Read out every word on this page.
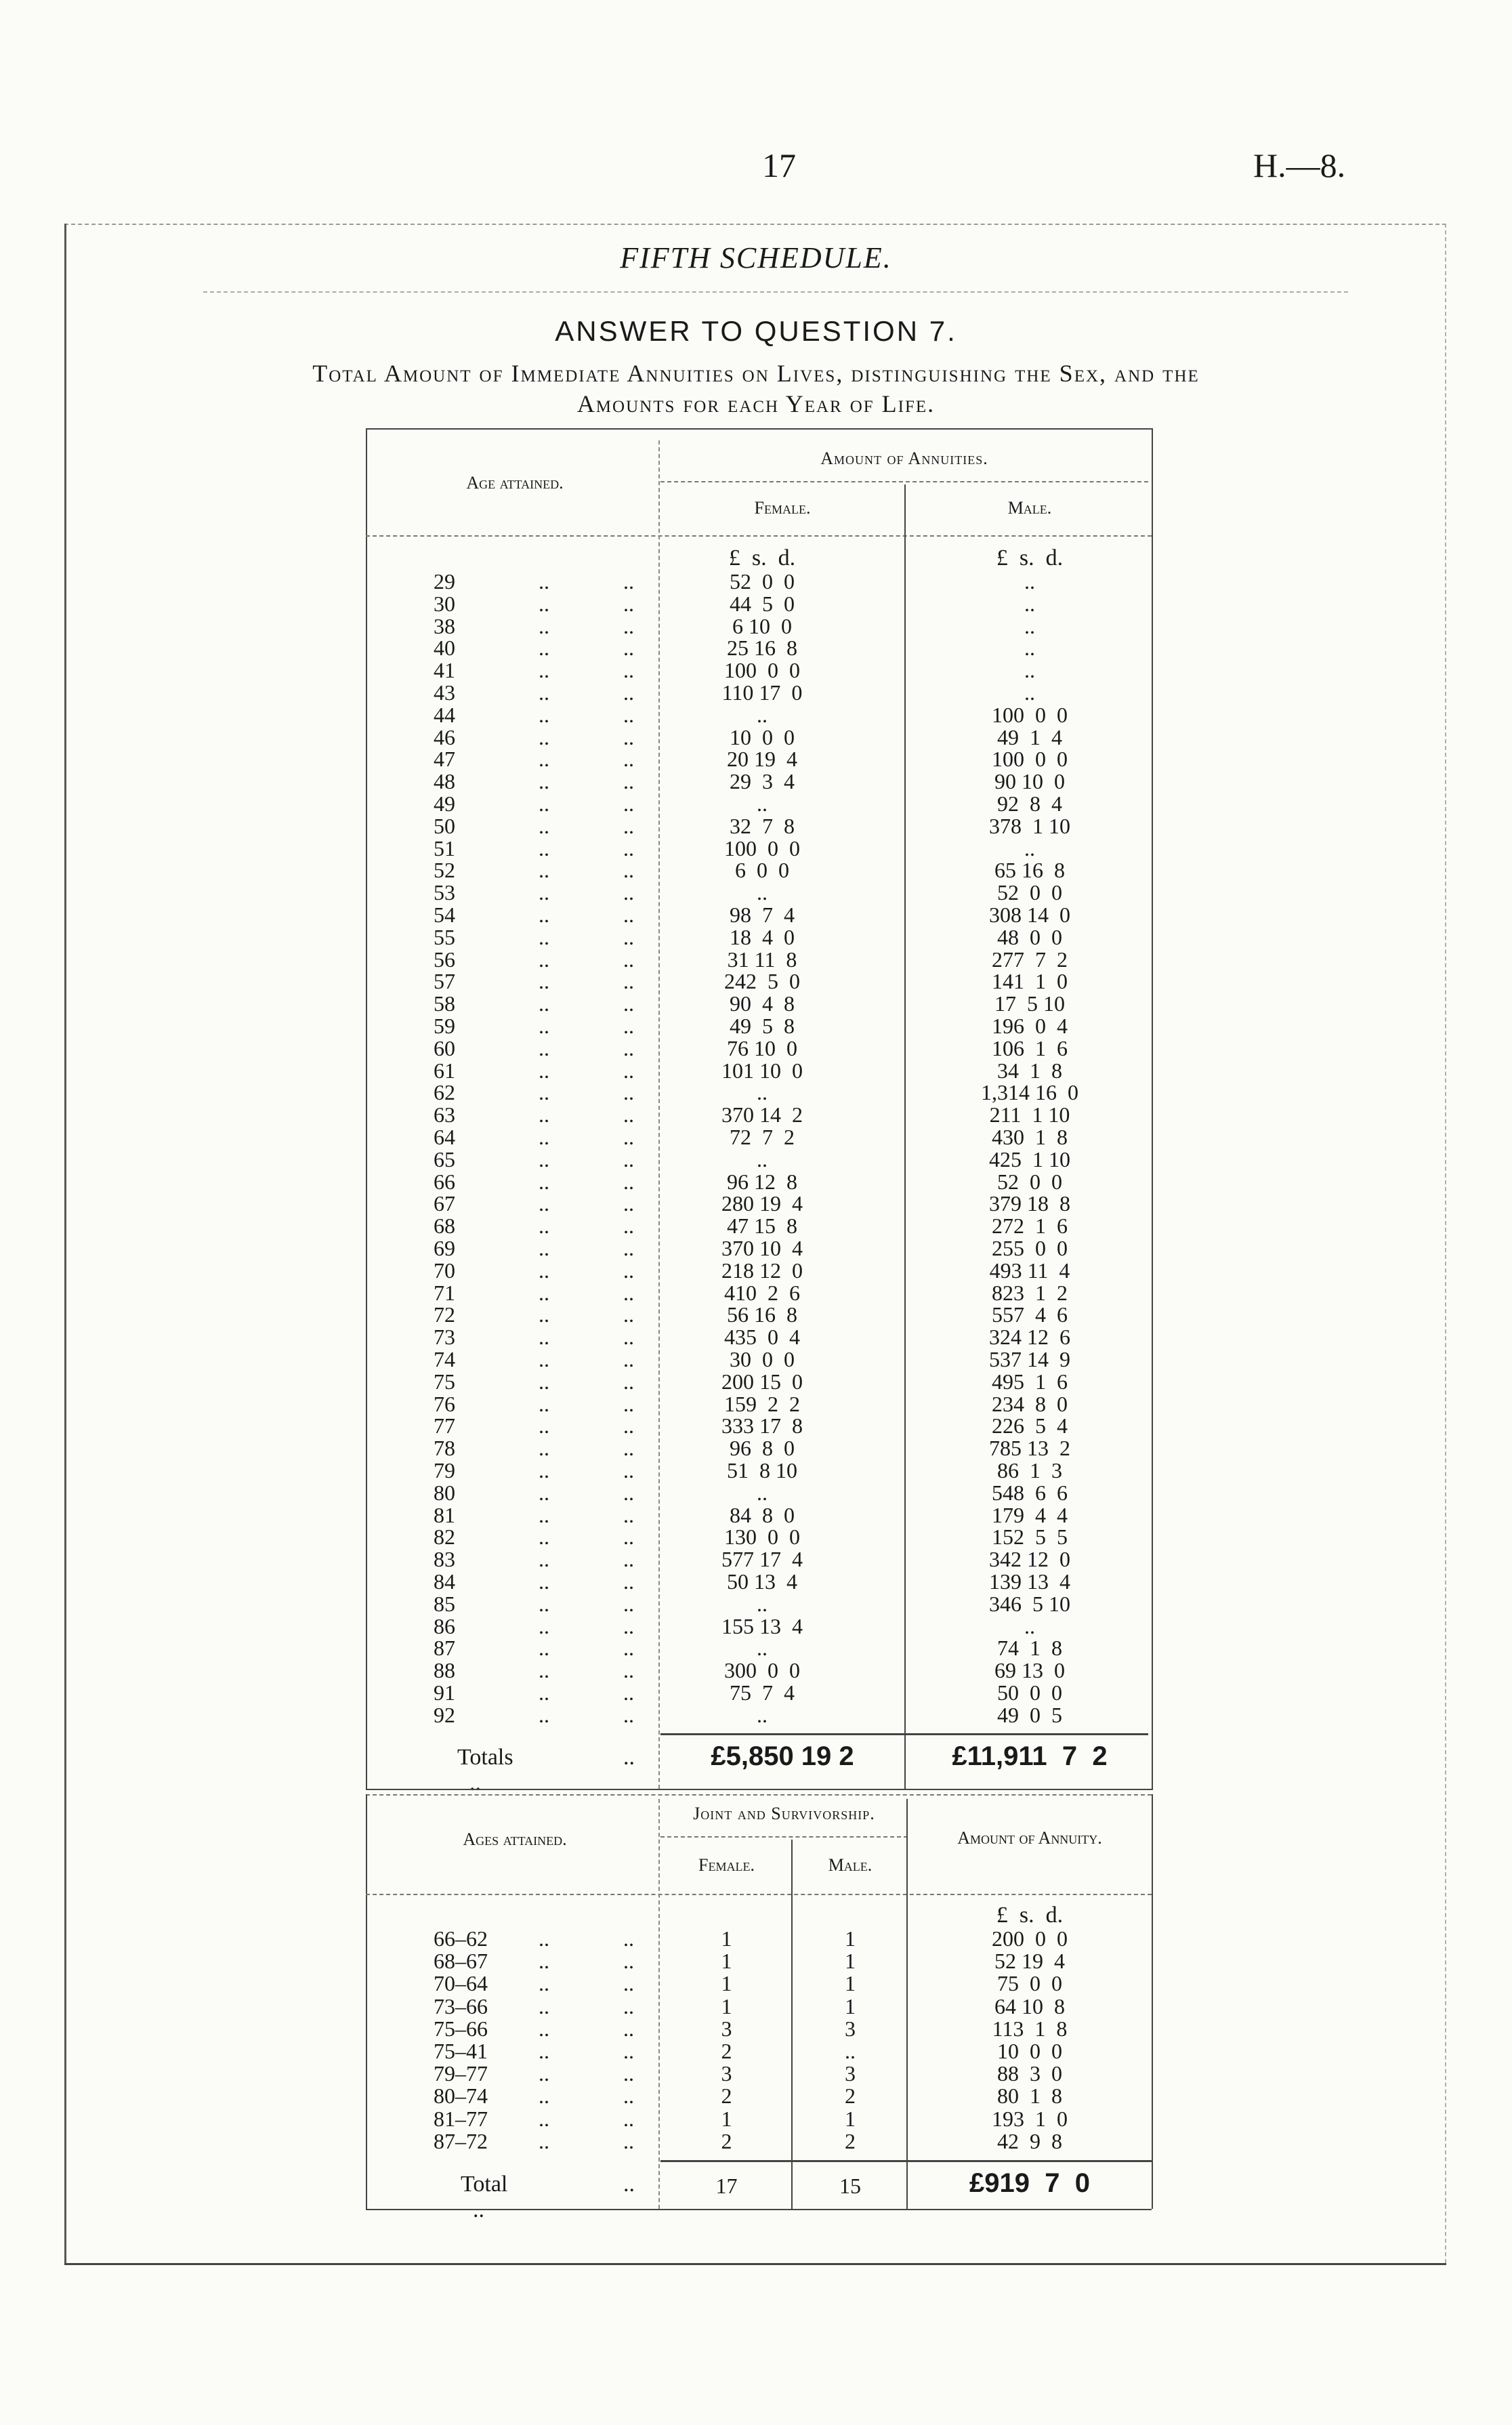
17	H.—8.
FIFTH SCHEDULE.
ANSWER TO QUESTION 7.
Total Amount of Immediate Annuities on Lives, distinguishing the Sex, and the
Amounts for each Year of Life.
Age attained.
Amount of Annuities.
Female.	Male.
£  s.  d.	£  s.  d.
29	..	..	52  0  0	..
30	..	..	44  5  0	..
38	..	..	6 10  0	..
40	..	..	25 16  8	..
41	..	..	100  0  0	..
43	..	..	110 17  0	..
44	..	..	..	100  0  0
46	..	..	10  0  0	49  1  4
47	..	..	20 19  4	100  0  0
48	..	..	29  3  4	90 10  0
49	..	..	..	92  8  4
50	..	..	32  7  8	378  1 10
51	..	..	100  0  0	..
52	..	..	6  0  0	65 16  8
53	..	..	..	52  0  0
54	..	..	98  7  4	308 14  0
55	..	..	18  4  0	48  0  0
56	..	..	31 11  8	277  7  2
57	..	..	242  5  0	141  1  0
58	..	..	90  4  8	17  5 10
59	..	..	49  5  8	196  0  4
60	..	..	76 10  0	106  1  6
61	..	..	101 10  0	34  1  8
62	..	..	..	1,314 16  0
63	..	..	370 14  2	211  1 10
64	..	..	72  7  2	430  1  8
65	..	..	..	425  1 10
66	..	..	96 12  8	52  0  0
67	..	..	280 19  4	379 18  8
68	..	..	47 15  8	272  1  6
69	..	..	370 10  4	255  0  0
70	..	..	218 12  0	493 11  4
71	..	..	410  2  6	823  1  2
72	..	..	56 16  8	557  4  6
73	..	..	435  0  4	324 12  6
74	..	..	30  0  0	537 14  9
75	..	..	200 15  0	495  1  6
76	..	..	159  2  2	234  8  0
77	..	..	333 17  8	226  5  4
78	..	..	96  8  0	785 13  2
79	..	..	51  8 10	86  1  3
80	..	..	..	548  6  6
81	..	..	84  8  0	179  4  4
82	..	..	130  0  0	152  5  5
83	..	..	577 17  4	342 12  0
84	..	..	50 13  4	139 13  4
85	..	..	..	346  5 10
86	..	..	155 13  4	..
87	..	..	..	74  1  8
88	..	..	300  0  0	69 13  0
91	..	..	75  7  4	50  0  0
92	..	..	..	49  0  5
Totals ..
..	£5,850 19 2	£11,911  7  2
Ages attained.
Joint and Survivorship.
Female.	Male.
Amount of Annuity.
£  s.  d.
66–62	..	..	1	1	200  0  0
68–67	..	..	1	1	52 19  4
70–64	..	..	1	1	75  0  0
73–66	..	..	1	1	64 10  8
75–66	..	..	3	3	113  1  8
75–41	..	..	2	..	10  0  0
79–77	..	..	3	3	88  3  0
80–74	..	..	2	2	80  1  8
81–77	..	..	1	1	193  1  0
87–72	..	..	2	2	42  9  8
Total ..
..	17	15	£919  7  0
